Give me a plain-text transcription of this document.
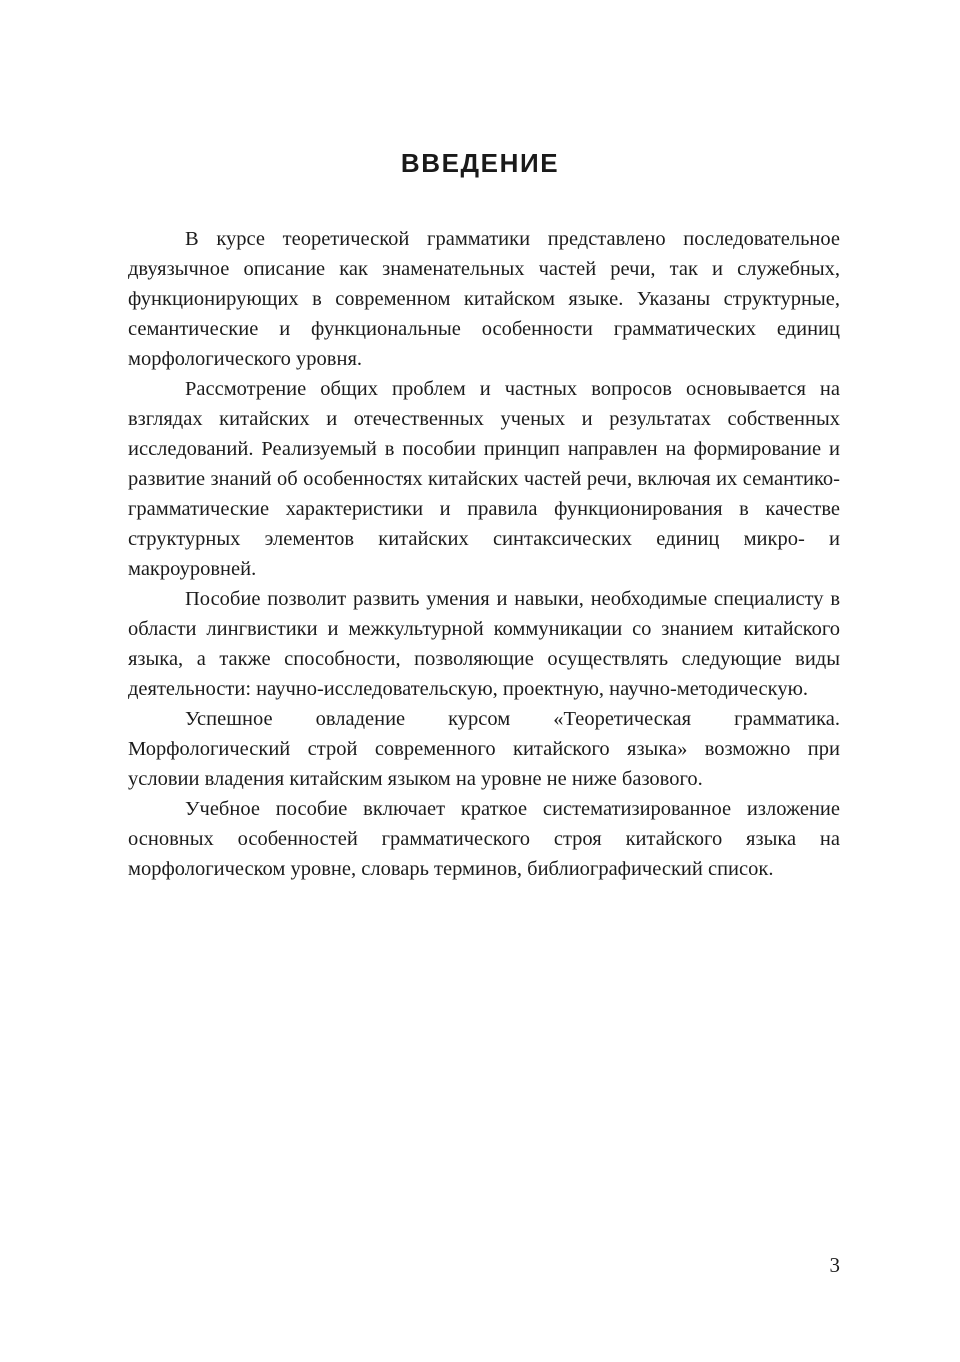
ВВЕДЕНИЕ

В курсе теоретической грамматики представлено последовательное двуязычное описание как знаменательных частей речи, так и служебных, функционирующих в современном китайском языке. Указаны структурные, семантические и функциональные особенности грамматических единиц морфологического уровня.

Рассмотрение общих проблем и частных вопросов основывается на взглядах китайских и отечественных ученых и результатах собственных исследований. Реализуемый в пособии принцип направлен на формирование и развитие знаний об особенностях китайских частей речи, включая их семантико-грамматические характеристики и правила функционирования в качестве структурных элементов китайских синтаксических единиц микро- и макроуровней.

Пособие позволит развить умения и навыки, необходимые специалисту в области лингвистики и межкультурной коммуникации со знанием китайского языка, а также способности, позволяющие осуществлять следующие виды деятельности: научно-исследовательскую, проектную, научно-методическую.

Успешное овладение курсом «Теоретическая грамматика. Морфологический строй современного китайского языка» возможно при условии владения китайским языком на уровне не ниже базового.

Учебное пособие включает краткое систематизированное изложение основных особенностей грамматического строя китайского языка на морфологическом уровне, словарь терминов, библиографический список.

3
